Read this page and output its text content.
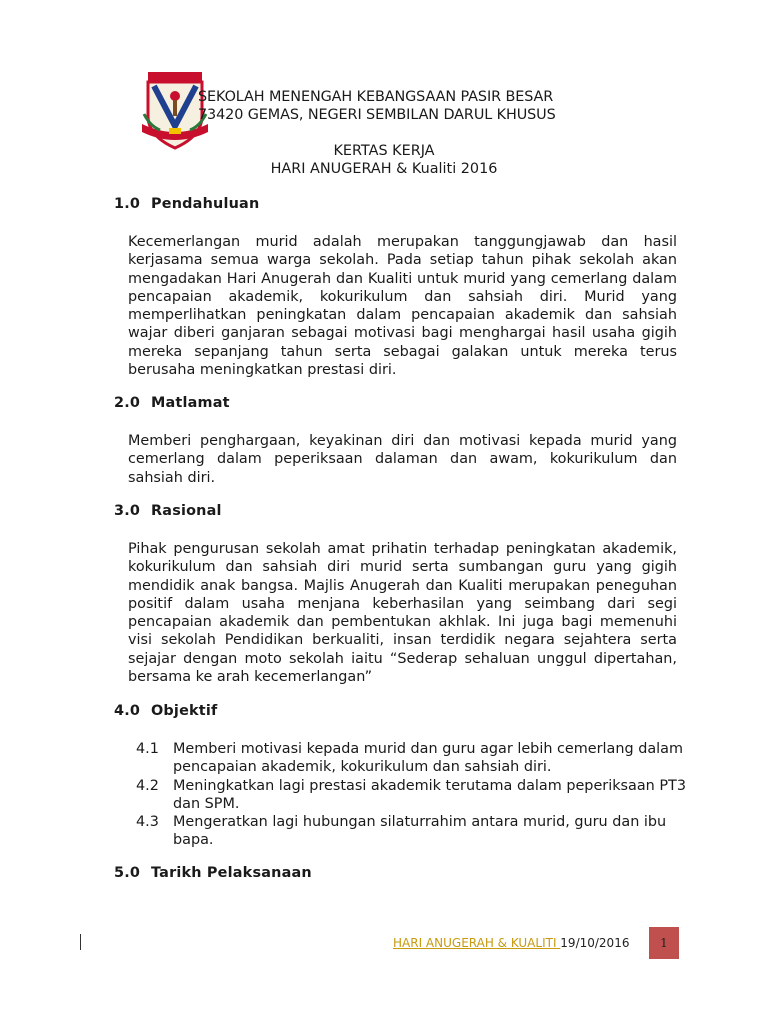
SEKOLAH MENENGAH KEBANGSAAN PASIR BESAR
73420 GEMAS, NEGERI SEMBILAN DARUL KHUSUS
KERTAS KERJA
HARI ANUGERAH & Kualiti 2016
1.0 Pendahuluan
Kecemerlangan murid adalah merupakan tanggungjawab dan hasil kerjasama semua warga sekolah. Pada setiap tahun pihak sekolah akan mengadakan Hari Anugerah dan Kualiti untuk murid yang cemerlang dalam pencapaian akademik, kokurikulum dan sahsiah diri. Murid yang memperlihatkan peningkatan dalam pencapaian akademik dan sahsiah wajar diberi ganjaran sebagai motivasi bagi menghargai hasil usaha gigih mereka sepanjang tahun serta sebagai galakan untuk mereka terus berusaha meningkatkan prestasi diri.
2.0 Matlamat
Memberi penghargaan, keyakinan diri dan motivasi kepada murid yang cemerlang dalam peperiksaan dalaman dan awam, kokurikulum dan sahsiah diri.
3.0 Rasional
Pihak pengurusan sekolah amat prihatin terhadap peningkatan akademik, kokurikulum dan sahsiah diri murid serta sumbangan guru yang gigih mendidik anak bangsa. Majlis Anugerah dan Kualiti merupakan peneguhan positif dalam usaha menjana keberhasilan yang seimbang dari segi pencapaian akademik dan pembentukan akhlak. Ini juga bagi memenuhi visi sekolah Pendidikan berkualiti, insan terdidik negara sejahtera serta sejajar dengan moto sekolah iaitu “Sederap sehaluan unggul dipertahan, bersama ke arah kecemerlangan”
4.0 Objektif
4.1 Memberi motivasi kepada murid dan guru agar lebih cemerlang dalam pencapaian akademik, kokurikulum dan sahsiah diri.
4.2 Meningkatkan lagi prestasi akademik terutama dalam peperiksaan PT3 dan SPM.
4.3 Mengeratkan lagi hubungan silaturrahim antara murid, guru dan ibu bapa.
5.0 Tarikh Pelaksanaan
HARI ANUGERAH & KUALITI 19/10/2016	1
